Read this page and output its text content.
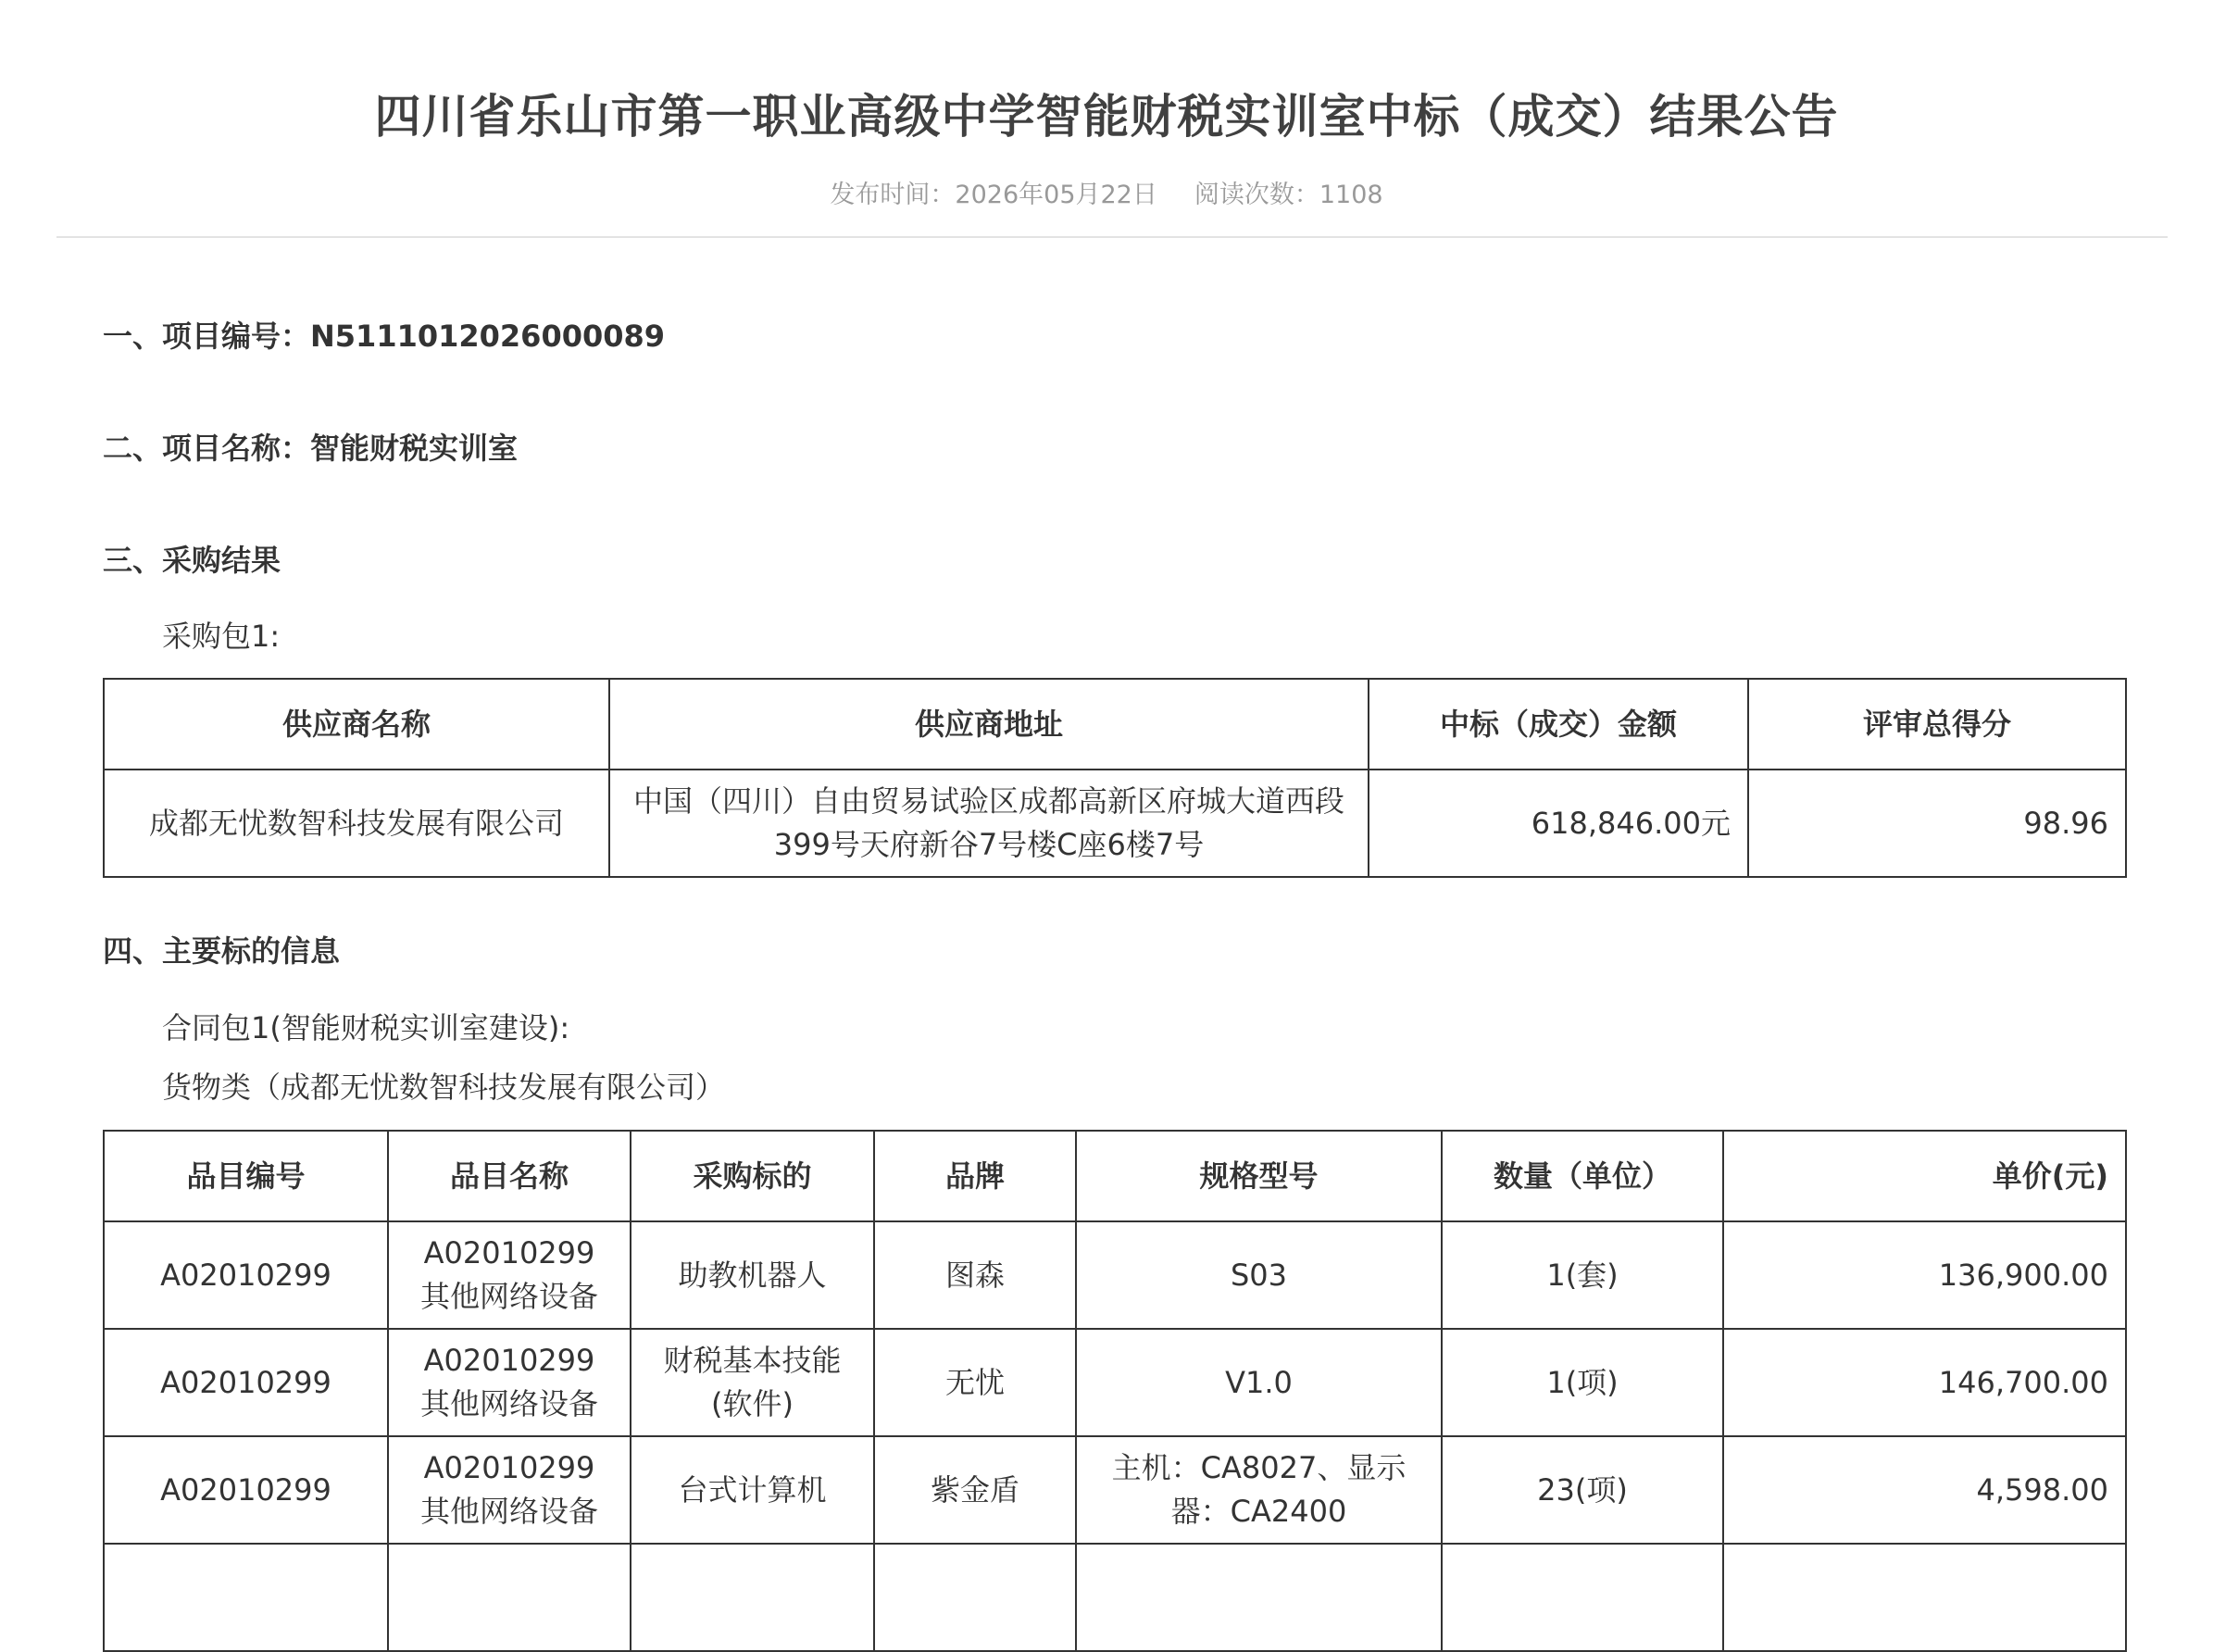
四川省乐山市第一职业高级中学智能财税实训室中标（成交）结果公告
发布时间：2026年05月22日 阅读次数：1108
一、项目编号：N5111012026000089
二、项目名称：智能财税实训室
三、采购结果
采购包1:
供应商名称	供应商地址	中标（成交）金额	评审总得分
成都无忧数智科技发展有限公司	中国（四川）自由贸易试验区成都高新区府城大道西段399号天府新谷7号楼C座6楼7号	618,846.00元	98.96
四、主要标的信息
合同包1(智能财税实训室建设):
货物类（成都无忧数智科技发展有限公司）
品目编号	品目名称	采购标的	品牌	规格型号	数量（单位）	单价(元)
A02010299	A02010299 其他网络设备	助教机器人	图森	S03	1(套)	136,900.00
A02010299	A02010299 其他网络设备	财税基本技能(软件)	无忧	V1.0	1(项)	146,700.00
A02010299	A02010299 其他网络设备	台式计算机	紫金盾	主机：CA8027、显示器：CA2400	23(项)	4,598.00
